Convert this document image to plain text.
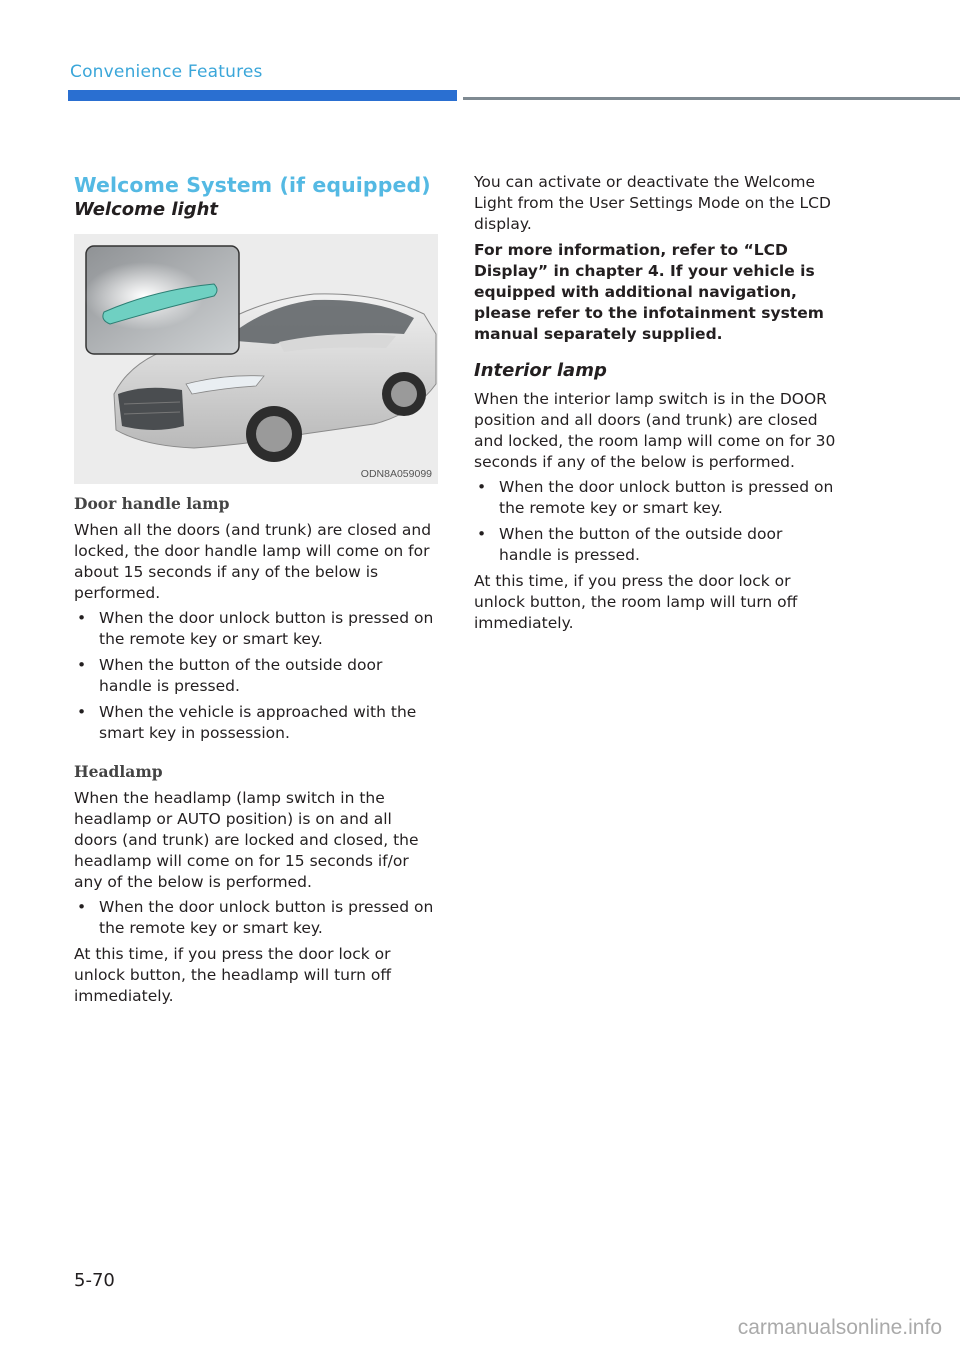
Convenience Features
Welcome System (if equipped)
Welcome light
ODN8A059099
Door handle lamp

When all the doors (and trunk) are closed and locked, the door handle lamp will come on for about 15 seconds if any of the below is performed.

• When the door unlock button is pressed on the remote key or smart key.
• When the button of the outside door handle is pressed.
• When the vehicle is approached with the smart key in possession.
Headlamp

When the headlamp (lamp switch in the headlamp or AUTO position) is on and all doors (and trunk) are locked and closed, the headlamp will come on for 15 seconds if/or any of the below is performed.

• When the door unlock button is pressed on the remote key or smart key.

At this time, if you press the door lock or unlock button, the headlamp will turn off immediately.

You can activate or deactivate the Welcome Light from the User Settings Mode on the LCD display.

For more information, refer to “LCD Display” in chapter 4. If your vehicle is equipped with additional navigation, please refer to the infotainment system manual separately supplied.

Interior lamp

When the interior lamp switch is in the DOOR position and all doors (and trunk) are closed and locked, the room lamp will come on for 30 seconds if any of the below is performed.

• When the door unlock button is pressed on the remote key or smart key.
• When the button of the outside door handle is pressed.

At this time, if you press the door lock or unlock button, the room lamp will turn off immediately.

5-70
carmanualsonline.info
